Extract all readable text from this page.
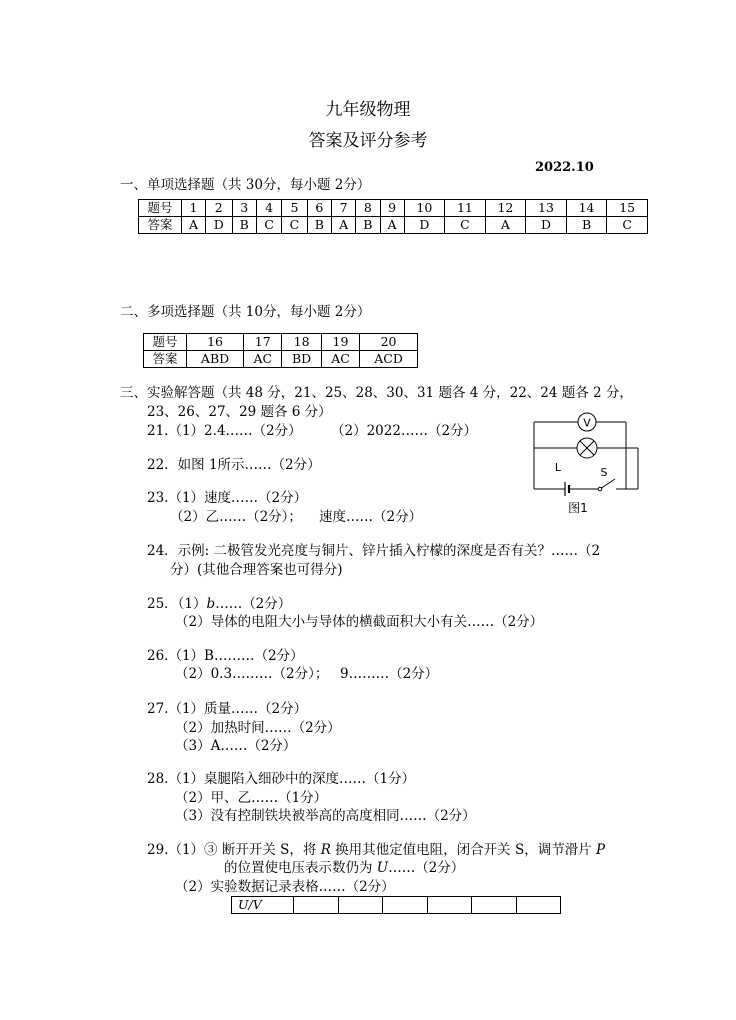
九年级物理
答案及评分参考
2022.10
一、单项选择题（共 30分，每小题 2分）
题号	1	2	3	4	5	6	7	8	9	10	11	12	13	14	15
答案	A	D	B	C	C	B	A	B	A	D	C	A	D	B	C
二、多项选择题（共 10分，每小题 2分）
题号	16	17	18	19	20
答案	ABD	AC	BD	AC	ACD
三、实验解答题（共 48 分，21、25、28、30、31 题各 4 分，22、24 题各 2 分，
23、26、27、29 题各 6 分）
21.（1）2.4……（2分） （2）2022……（2分）
22．如图 1所示……（2分）
23.（1）速度……（2分）
（2）乙……（2分）； 速度……（2分）
24．示例: 二极管发光亮度与铜片、锌片插入柠檬的深度是否有关？……（2
分）(其他合理答案也可得分)
25．（1）b……（2分）
（2）导体的电阻大小与导体的横截面积大小有关……（2分）
26.（1）B………（2分）
（2）0.3………（2分）； 9………（2分）
27.（1）质量……（2分）
（2）加热时间……（2分）
（3）A……（2分）
28.（1）桌腿陷入细砂中的深度……（1分）
（2）甲、乙……（1分）
（3）没有控制铁块被举高的高度相同……（2分）
29.（1）③ 断开开关 S，将 R 换用其他定值电阻，闭合开关 S，调节滑片 P
的位置使电压表示数仍为 U……（2分）
（2）实验数据记录表格……（2分）
U/V						
V
L	S
图1
